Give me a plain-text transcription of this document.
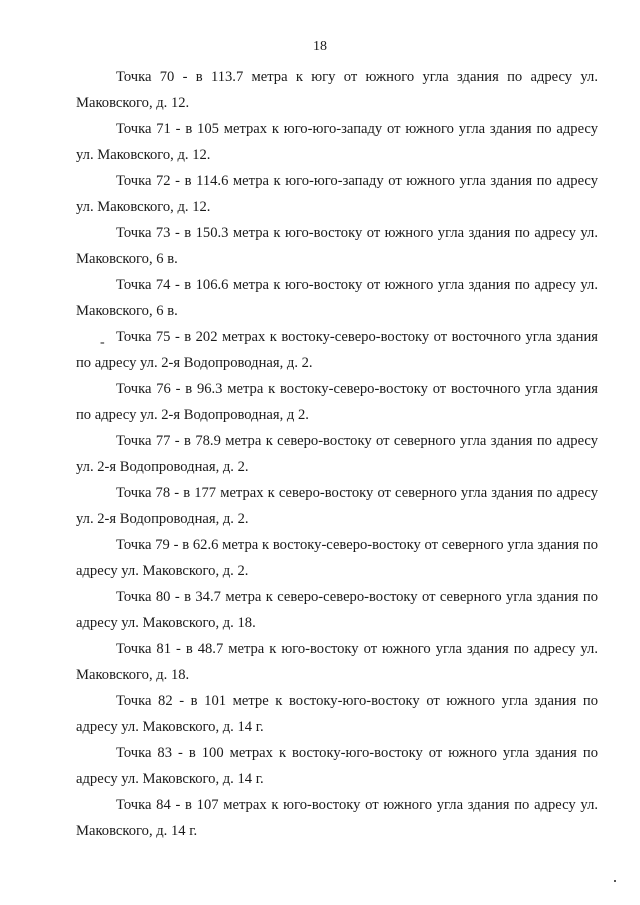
18

Точка 70 - в 113.7 метра к югу от южного угла здания по адресу ул. Маковского, д. 12.

Точка 71 - в 105 метрах к юго-юго-западу от южного угла здания по адресу ул. Маковского, д. 12.

Точка 72 - в 114.6 метра к юго-юго-западу от южного угла здания по адресу ул. Маковского, д. 12.

Точка 73 - в 150.3 метра к юго-востоку от южного угла здания по адресу ул. Маковского, 6 в.

Точка 74 - в 106.6 метра к юго-востоку от южного угла здания по адресу ул. Маковского, 6 в.

Точка 75 - в 202 метрах к востоку-северо-востоку от восточного угла здания по адресу ул. 2-я Водопроводная, д. 2.

Точка 76 - в 96.3 метра к востоку-северо-востоку от восточного угла здания по адресу ул. 2-я Водопроводная, д 2.

Точка 77 - в 78.9 метра к северо-востоку от северного угла здания по адресу ул. 2-я Водопроводная, д. 2.

Точка 78 - в 177 метрах к северо-востоку от северного угла здания по адресу ул. 2-я Водопроводная, д. 2.

Точка 79 - в 62.6 метра к востоку-северо-востоку от северного угла здания по адресу ул. Маковского, д. 2.

Точка 80 - в 34.7 метра к северо-северо-востоку от северного угла здания по адресу ул. Маковского, д. 18.

Точка 81 - в 48.7 метра к юго-востоку от южного угла здания по адресу ул. Маковского, д. 18.

Точка 82 - в 101 метре к востоку-юго-востоку от южного угла здания по адресу ул. Маковского, д. 14 г.

Точка 83 - в 100 метрах к востоку-юго-востоку от южного угла здания по адресу ул. Маковского, д. 14 г.

Точка 84 - в 107 метрах к юго-востоку от южного угла здания по адресу ул. Маковского, д. 14 г.

-
